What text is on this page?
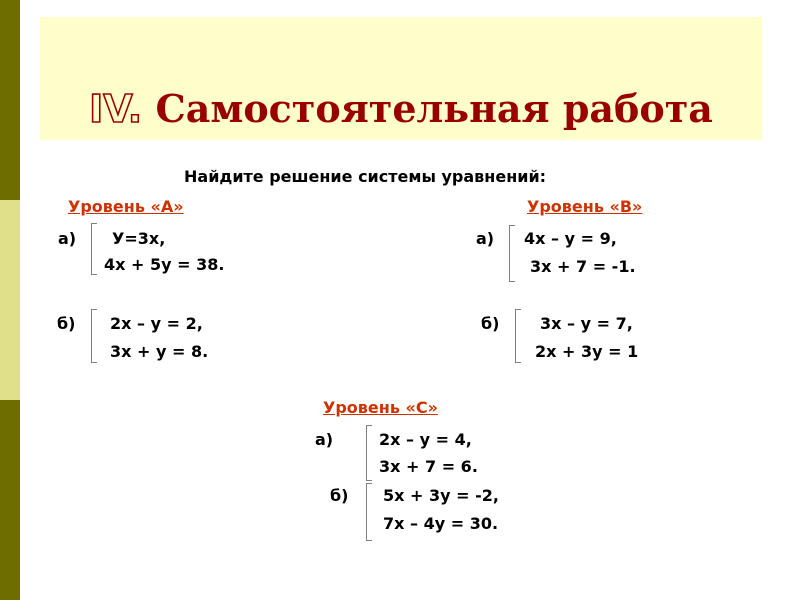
IV. Самостоятельная работа
Найдите решение системы уравнений:
Уровень «А»
а) У=3х,
4х + 5у = 38.
б) 2х – у = 2,
3х + у = 8.
Уровень «В»
а) 4х – у = 9,
3х + 7 = -1.
б)	3х – у = 7,
2х + 3у = 1
Уровень «С»
а)	2х – у = 4,
3х + 7 = 6.
б) 5х + 3у = -2,
7х – 4у = 30.
